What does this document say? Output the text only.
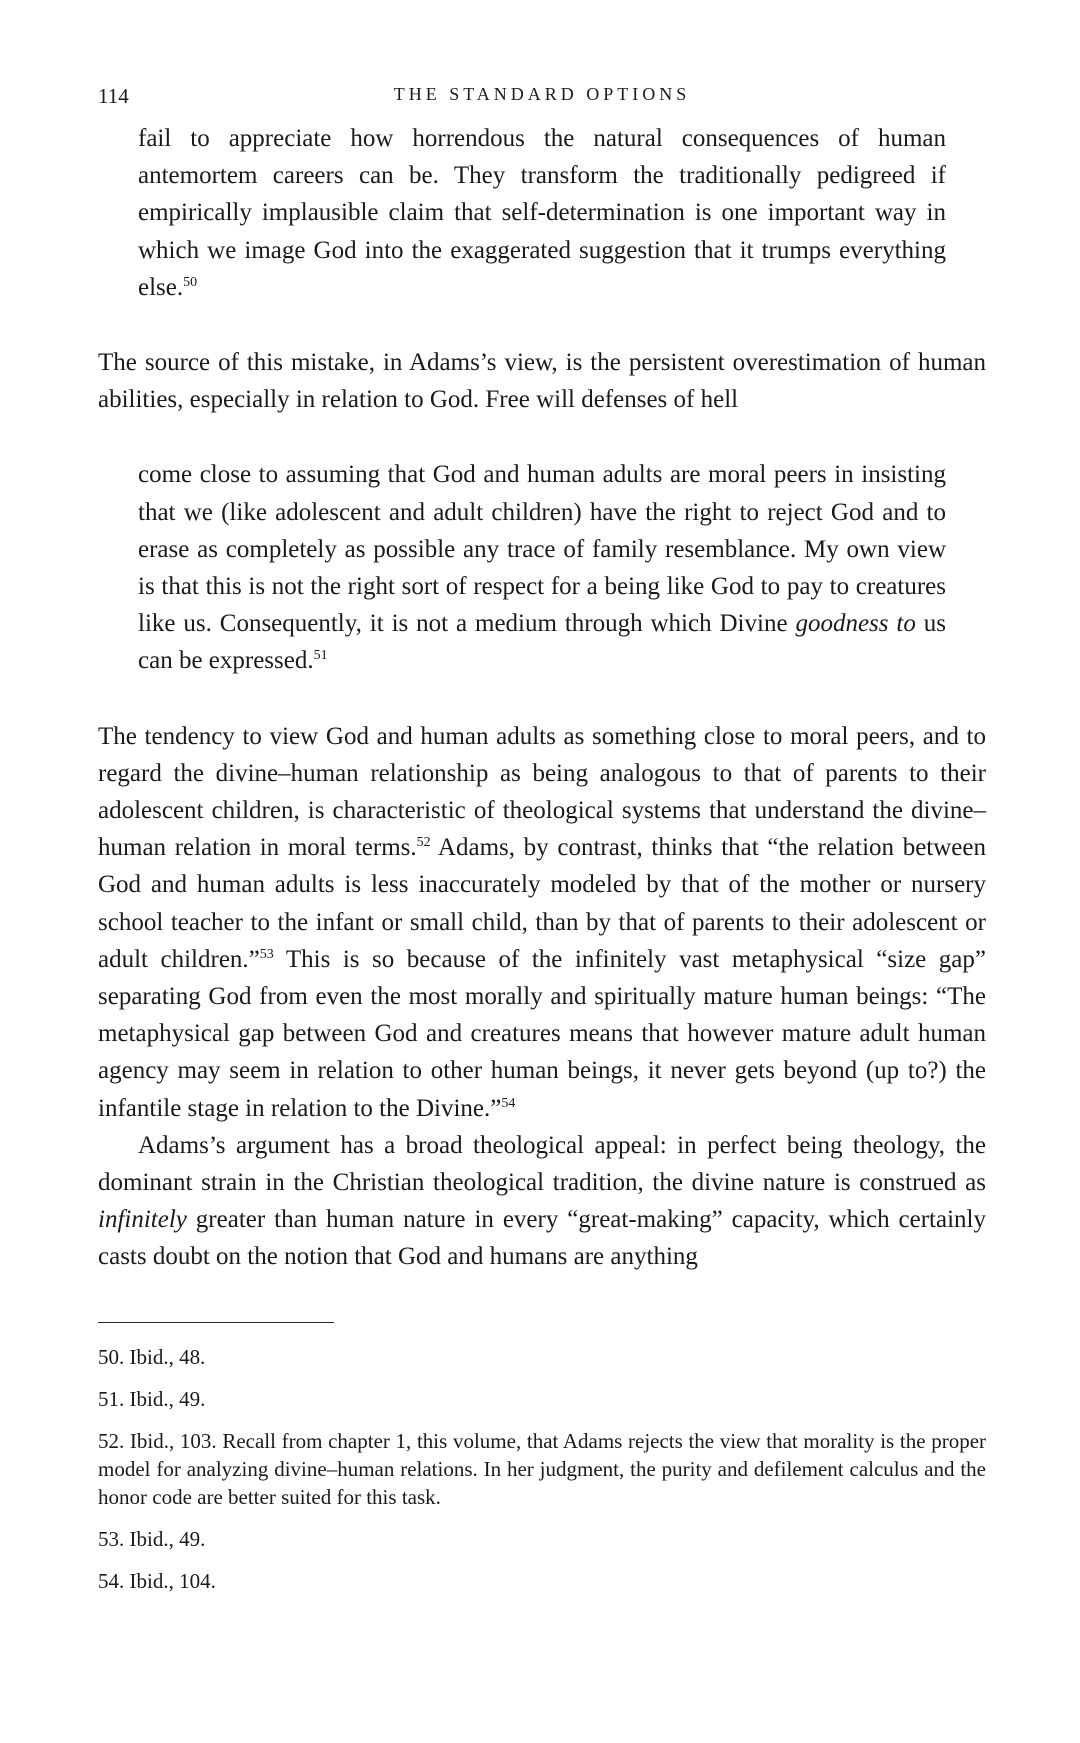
114	THE STANDARD OPTIONS

fail to appreciate how horrendous the natural consequences of human antemortem careers can be. They transform the traditionally pedigreed if empirically implausible claim that self-determination is one important way in which we image God into the exaggerated suggestion that it trumps everything else.$^{50}$

The source of this mistake, in Adams’s view, is the persistent overestimation of human abilities, especially in relation to God. Free will defenses of hell

come close to assuming that God and human adults are moral peers in insisting that we (like adolescent and adult children) have the right to reject God and to erase as completely as possible any trace of family resemblance. My own view is that this is not the right sort of respect for a being like God to pay to creatures like us. Consequently, it is not a medium through which Divine goodness to us can be expressed.$^{51}$

The tendency to view God and human adults as something close to moral peers, and to regard the divine–human relationship as being analogous to that of parents to their adolescent children, is characteristic of theological systems that understand the divine–human relation in moral terms.$^{52}$ Adams, by contrast, thinks that “the relation between God and human adults is less inaccurately modeled by that of the mother or nursery school teacher to the infant or small child, than by that of parents to their adolescent or adult children.”$^{53}$ This is so because of the infinitely vast metaphysical “size gap” separating God from even the most morally and spiritually mature human beings: “The metaphysical gap between God and creatures means that however mature adult human agency may seem in relation to other human beings, it never gets beyond (up to?) the infantile stage in relation to the Divine.”$^{54}$

Adams’s argument has a broad theological appeal: in perfect being theology, the dominant strain in the Christian theological tradition, the divine nature is construed as infinitely greater than human nature in every “great-making” capacity, which certainly casts doubt on the notion that God and humans are anything

50. Ibid., 48.

51. Ibid., 49.

52. Ibid., 103. Recall from chapter 1, this volume, that Adams rejects the view that morality is the proper model for analyzing divine–human relations. In her judgment, the purity and defilement calculus and the honor code are better suited for this task.

53. Ibid., 49.

54. Ibid., 104.
